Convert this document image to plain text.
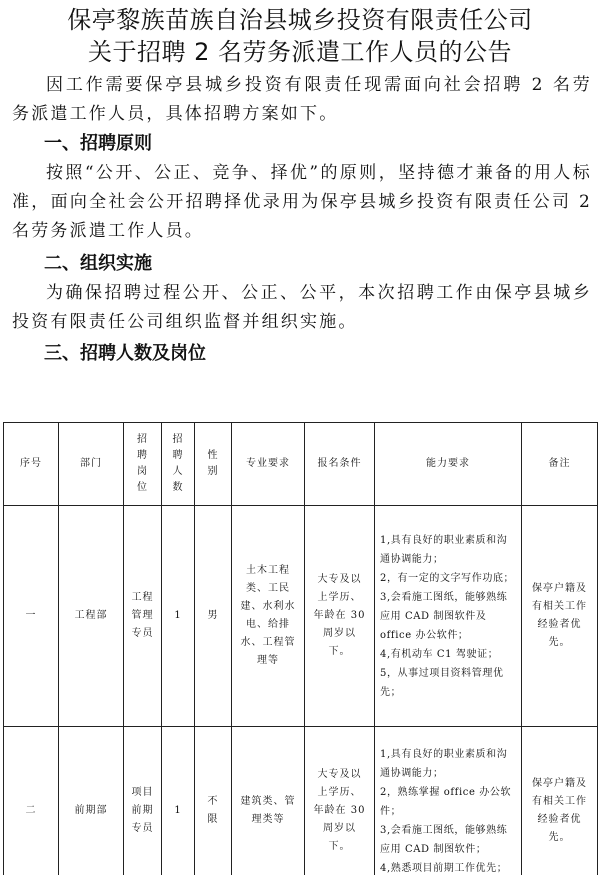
保亭黎族苗族自治县城乡投资有限责任公司
关于招聘 2 名劳务派遣工作人员的公告

因工作需要保亭县城乡投资有限责任现需面向社会招聘 2 名劳务派遣工作人员，具体招聘方案如下。

一、招聘原则

按照“公开、公正、竞争、择优”的原则，坚持德才兼备的用人标准，面向全社会公开招聘择优录用为保亭县城乡投资有限责任公司 2 名劳务派遣工作人员。

二、组织实施

为确保招聘过程公开、公正、公平，本次招聘工作由保亭县城乡投资有限责任公司组织监督并组织实施。

三、招聘人数及岗位
序号	部门	招聘岗位	招聘人数	性别	专业要求	报名条件	能力要求	备注
一	工程部	工程管理专员	1	男	土木工程类、工民建、水利水电、给排水、工程管理等	大专及以上学历、年龄在 30 周岁以下。	1,具有良好的职业素质和沟通协调能力；
2，有一定的文字写作功底；
3,会看施工图纸，能够熟练应用 CAD 制图软件及 office 办公软件；
4,有机动车 C1 驾驶证；
5，从事过项目资料管理优先；	保亭户籍及有相关工作经验者优先。
二	前期部	项目前期专员	1	不限	建筑类、管理类等	大专及以上学历、年龄在 30 周岁以下。	1,具有良好的职业素质和沟通协调能力；
2，熟练掌握 office 办公软件；
3,会看施工图纸，能够熟练应用 CAD 制图软件；
4,熟悉项目前期工作优先；	保亭户籍及有相关工作经验者优先。
